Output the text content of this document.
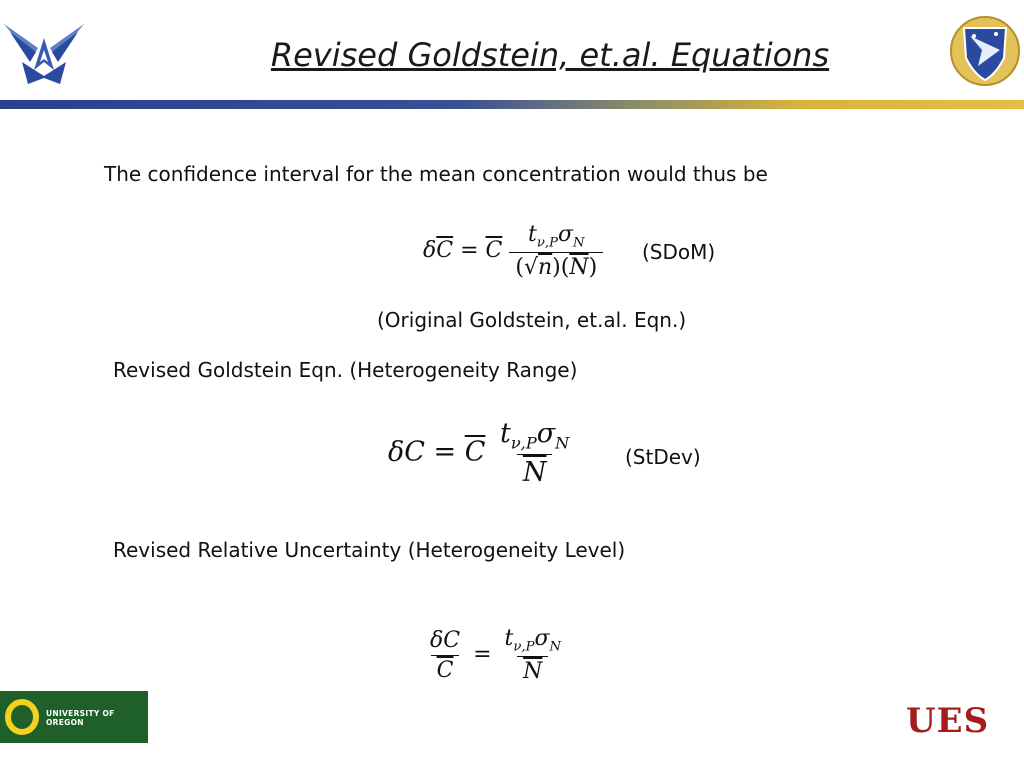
Revised Goldstein, et.al. Equations
The confidence interval for the mean concentration would thus be
$\delta\overline{C} = \overline{C} \frac{t_{\nu,P}\sigma_N}{(√n)(\overline{N})}$ (SDoM)
(Original Goldstein, et.al. Eqn.)
Revised Goldstein Eqn. (Heterogeneity Range)
$\delta C = \overline{C} \frac{t_{\nu,P}\sigma_N}{N}$ (StDev)
Revised Relative Uncertainty (Heterogeneity Level)
$\frac{\delta C}{C} = \frac{t_{\nu,P}\sigma_N}{N}$
UNIVERSITY OF OREGON	UES
